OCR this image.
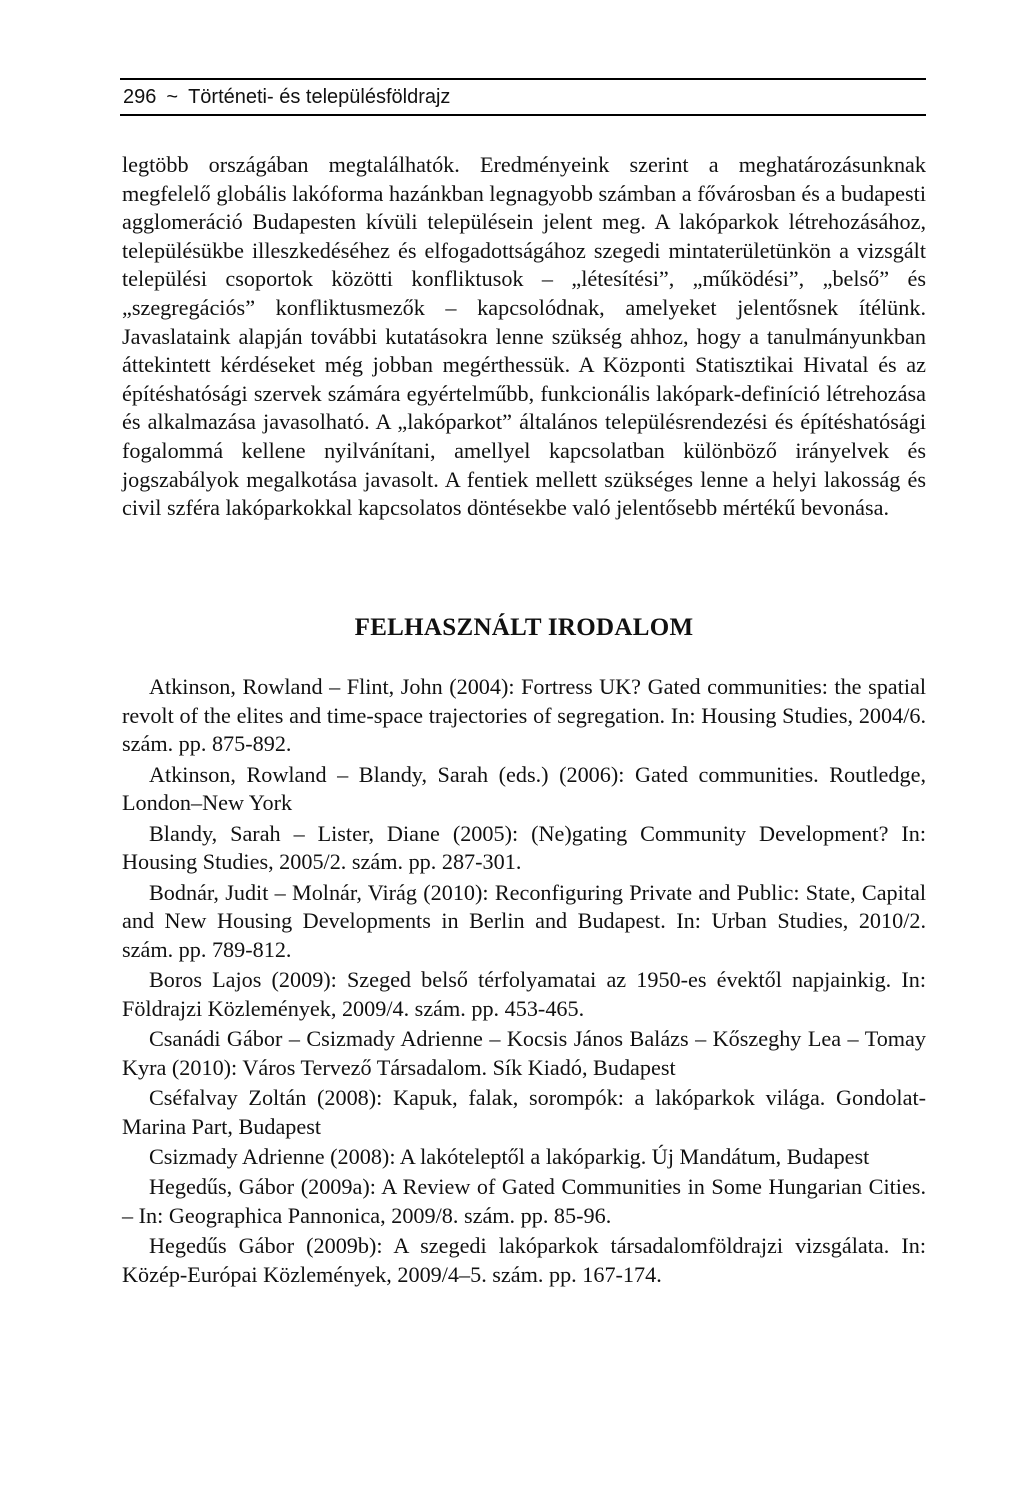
296 ~ Történeti- és településföldrajz
legtöbb országában megtalálhatók. Eredményeink szerint a meghatározásunknak megfelelő globális lakóforma hazánkban legnagyobb számban a fővárosban és a budapesti agglomeráció Budapesten kívüli településein jelent meg. A lakóparkok létrehozásához, településükbe illeszkedéséhez és elfogadottságához szegedi mintaterületünkön a vizsgált települési csoportok közötti konfliktusok – „létesítési”, „működési”, „belső” és „szegregációs” konfliktusmezők – kapcsolódnak, amelyeket jelentősnek ítélünk. Javaslataink alapján további kutatásokra lenne szükség ahhoz, hogy a tanulmányunkban áttekintett kérdéseket még jobban megérthessük. A Központi Statisztikai Hivatal és az építéshatósági szervek számára egyértelműbb, funkcionális lakópark-definíció létrehozása és alkalmazása javasolható. A „lakóparkot” általános településrendezési és építéshatósági fogalommá kellene nyilvánítani, amellyel kapcsolatban különböző irányelvek és jogszabályok megalkotása javasolt. A fentiek mellett szükséges lenne a helyi lakosság és civil szféra lakóparkokkal kapcsolatos döntésekbe való jelentősebb mértékű bevonása.
FELHASZNÁLT IRODALOM

Atkinson, Rowland – Flint, John (2004): Fortress UK? Gated communities: the spatial revolt of the elites and time-space trajectories of segregation. In: Housing Studies, 2004/6. szám. pp. 875-892.

Atkinson, Rowland – Blandy, Sarah (eds.) (2006): Gated communities. Routledge, London–New York

Blandy, Sarah – Lister, Diane (2005): (Ne)gating Community Development? In: Housing Studies, 2005/2. szám. pp. 287-301.

Bodnár, Judit – Molnár, Virág (2010): Reconfiguring Private and Public: State, Capital and New Housing Developments in Berlin and Budapest. In: Urban Studies, 2010/2. szám. pp. 789-812.

Boros Lajos (2009): Szeged belső térfolyamatai az 1950-es évektől napjainkig. In: Földrajzi Közlemények, 2009/4. szám. pp. 453-465.

Csanádi Gábor – Csizmady Adrienne – Kocsis János Balázs – Kőszeghy Lea – Tomay Kyra (2010): Város Tervező Társadalom. Sík Kiadó, Budapest

Cséfalvay Zoltán (2008): Kapuk, falak, sorompók: a lakóparkok világa. Gondolat-Marina Part, Budapest

Csizmady Adrienne (2008): A lakóteleptől a lakóparkig. Új Mandátum, Budapest

Hegedűs, Gábor (2009a): A Review of Gated Communities in Some Hungarian Cities. – In: Geographica Pannonica, 2009/8. szám. pp. 85-96.

Hegedűs Gábor (2009b): A szegedi lakóparkok társadalomföldrajzi vizsgálata. In: Közép-Európai Közlemények, 2009/4–5. szám. pp. 167-174.
